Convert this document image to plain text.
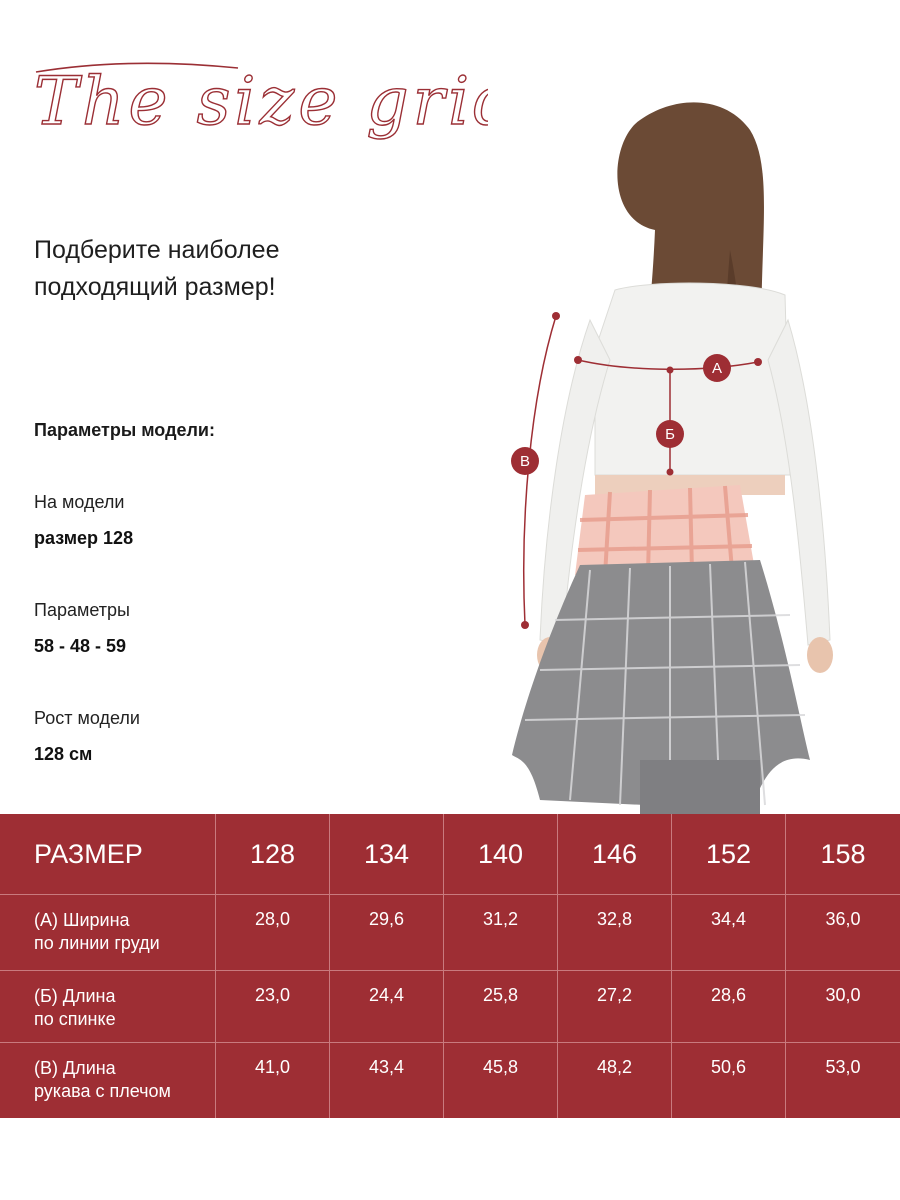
The size grid
Подберите наиболее
подходящий размер!
Параметры модели:
На модели
размер 128
Параметры
58 - 48 - 59
Рост модели
128 см
А
Б
В
РАЗМЕР	128	134	140	146	152	158
(А) Ширина
по линии груди
28,0	29,6	31,2	32,8	34,4	36,0
(Б) Длина
по спинке
23,0	24,4	25,8	27,2	28,6	30,0
(В) Длина
рукава с плечом
41,0	43,4	45,8	48,2	50,6	53,0
